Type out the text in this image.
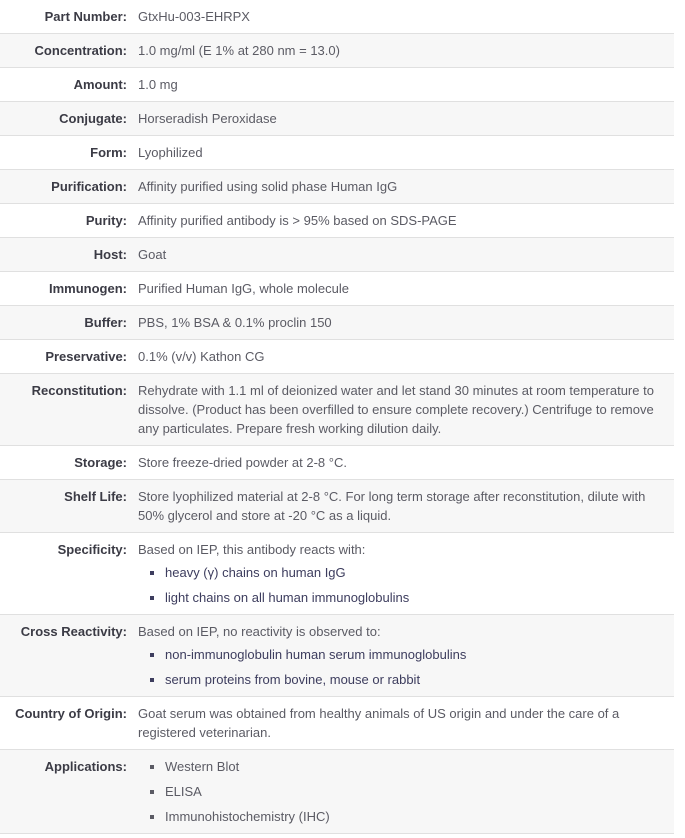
Part Number: GtxHu-003-EHRPX
Concentration: 1.0 mg/ml (E 1% at 280 nm = 13.0)
Amount: 1.0 mg
Conjugate: Horseradish Peroxidase
Form: Lyophilized
Purification: Affinity purified using solid phase Human IgG
Purity: Affinity purified antibody is > 95% based on SDS-PAGE
Host: Goat
Immunogen: Purified Human IgG, whole molecule
Buffer: PBS, 1% BSA & 0.1% proclin 150
Preservative: 0.1% (v/v) Kathon CG
Reconstitution: Rehydrate with 1.1 ml of deionized water and let stand 30 minutes at room temperature to dissolve. (Product has been overfilled to ensure complete recovery.) Centrifuge to remove any particulates. Prepare fresh working dilution daily.
Storage: Store freeze-dried powder at 2-8 °C.
Shelf Life: Store lyophilized material at 2-8 °C. For long term storage after reconstitution, dilute with 50% glycerol and store at -20 °C as a liquid.
Specificity: Based on IEP, this antibody reacts with:
▪ heavy (γ) chains on human IgG
▪ light chains on all human immunoglobulins
Cross Reactivity: Based on IEP, no reactivity is observed to:
▪ non-immunoglobulin human serum immunoglobulins
▪ serum proteins from bovine, mouse or rabbit
Country of Origin: Goat serum was obtained from healthy animals of US origin and under the care of a registered veterinarian.
Applications:	▪ Western Blot
▪ ELISA
▪ Immunohistochemistry (IHC)
